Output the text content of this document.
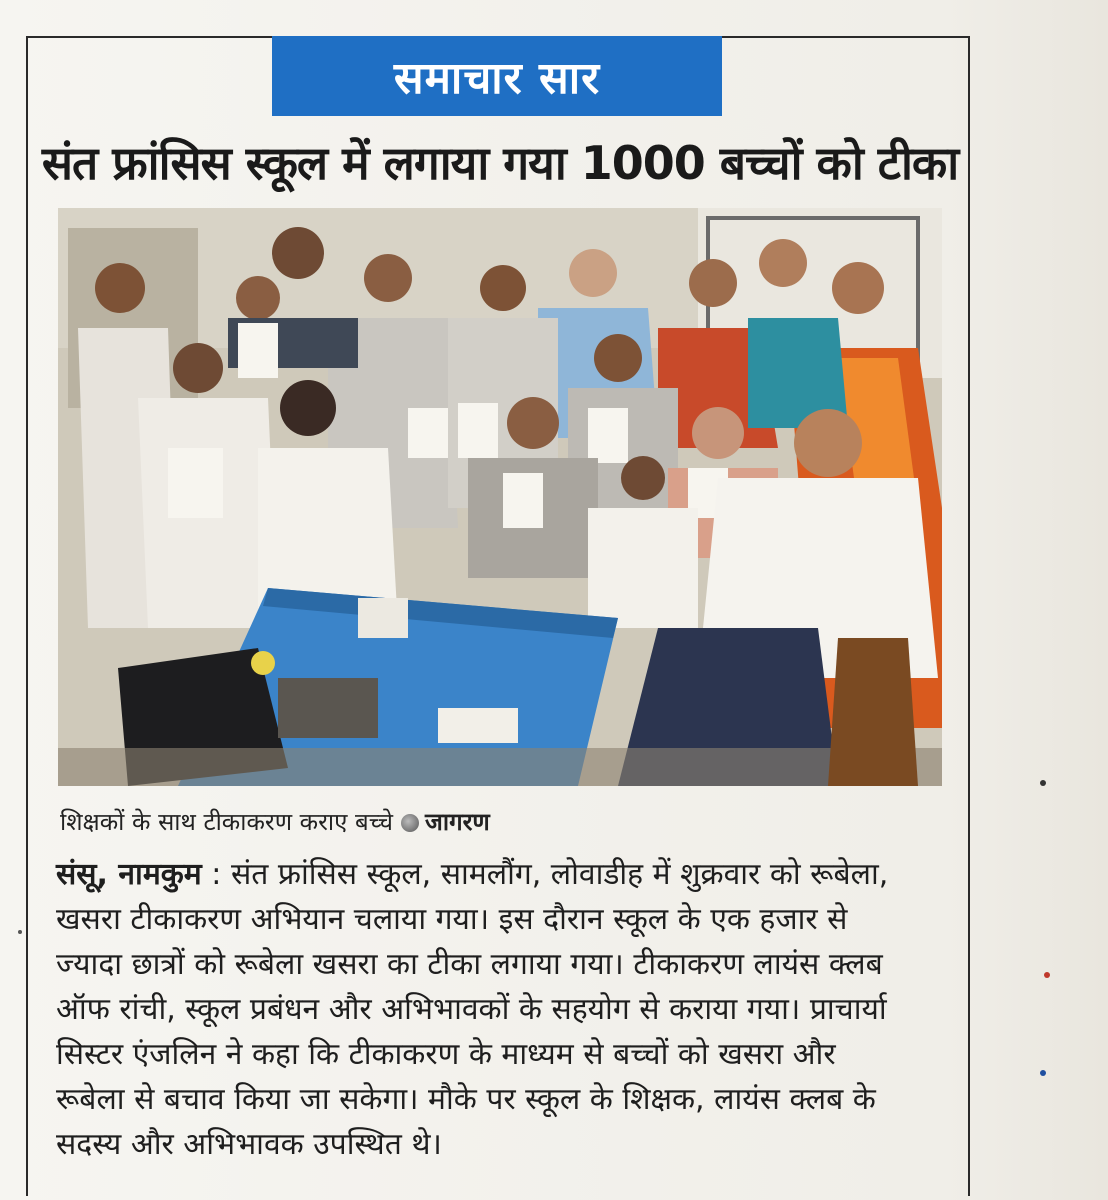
समाचार सार
संत फ्रांसिस स्कूल में लगाया गया 1000 बच्चों को टीका
शिक्षकों के साथ टीकाकरण कराए बच्चे जागरण
संसू, नामकुम : संत फ्रांसिस स्कूल, सामलौंग, लोवाडीह में शुक्रवार को रूबेला,
खसरा टीकाकरण अभियान चलाया गया। इस दौरान स्कूल के एक हजार से
ज्यादा छात्रों को रूबेला खसरा का टीका लगाया गया। टीकाकरण लायंस क्लब
ऑफ रांची, स्कूल प्रबंधन और अभिभावकों के सहयोग से कराया गया। प्राचार्या
सिस्टर एंजलिन ने कहा कि टीकाकरण के माध्यम से बच्चों को खसरा और
रूबेला से बचाव किया जा सकेगा। मौके पर स्कूल के शिक्षक, लायंस क्लब के
सदस्य और अभिभावक उपस्थित थे।
